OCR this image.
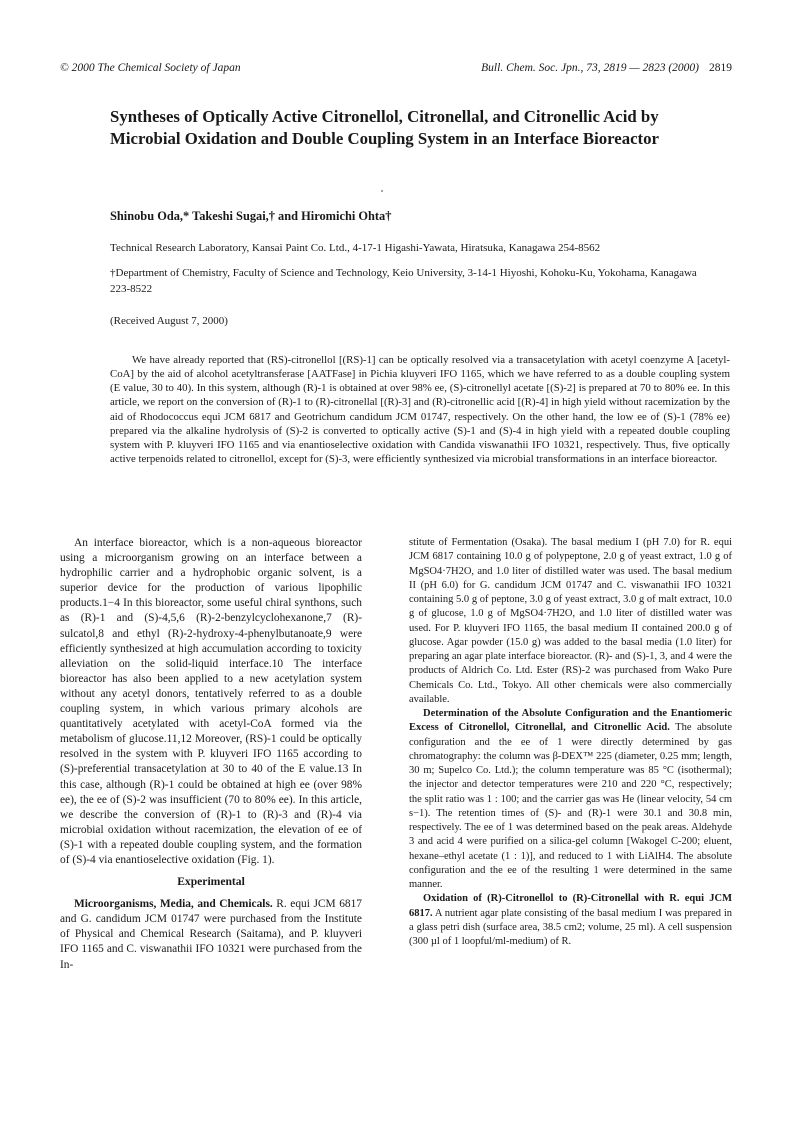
© 2000 The Chemical Society of Japan	Bull. Chem. Soc. Jpn., 73, 2819 — 2823 (2000) 2819
Syntheses of Optically Active Citronellol, Citronellal, and Citronellic Acid by Microbial Oxidation and Double Coupling System in an Interface Bioreactor
Shinobu Oda,* Takeshi Sugai,† and Hiromichi Ohta†
Technical Research Laboratory, Kansai Paint Co. Ltd., 4-17-1 Higashi-Yawata, Hiratsuka, Kanagawa 254-8562
†Department of Chemistry, Faculty of Science and Technology, Keio University, 3-14-1 Hiyoshi, Kohoku-Ku, Yokohama, Kanagawa 223-8522
(Received August 7, 2000)
We have already reported that (RS)-citronellol [(RS)-1] can be optically resolved via a transacetylation with acetyl coenzyme A [acetyl-CoA] by the aid of alcohol acetyltransferase [AATFase] in Pichia kluyveri IFO 1165, which we have referred to as a double coupling system (E value, 30 to 40). In this system, although (R)-1 is obtained at over 98% ee, (S)-citronellyl acetate [(S)-2] is prepared at 70 to 80% ee. In this article, we report on the conversion of (R)-1 to (R)-citronellal [(R)-3] and (R)-citronellic acid [(R)-4] in high yield without racemization by the aid of Rhodococcus equi JCM 6817 and Geotrichum candidum JCM 01747, respectively. On the other hand, the low ee of (S)-1 (78% ee) prepared via the alkaline hydrolysis of (S)-2 is converted to optically active (S)-1 and (S)-4 in high yield with a repeated double coupling system with P. kluyveri IFO 1165 and via enantioselective oxidation with Candida viswanathii IFO 10321, respectively. Thus, five optically active terpenoids related to citronellol, except for (S)-3, were efficiently synthesized via microbial transformations in an interface bioreactor.

An interface bioreactor, which is a non-aqueous bioreactor using a microorganism growing on an interface between a hydrophilic carrier and a hydrophobic organic solvent, is a superior device for the production of various lipophilic products.1−4 In this bioreactor, some useful chiral synthons, such as (R)-1 and (S)-4,5,6 (R)-2-benzylcyclohexanone,7 (R)-sulcatol,8 and ethyl (R)-2-hydroxy-4-phenylbutanoate,9 were efficiently synthesized at high accumulation according to toxicity alleviation on the solid-liquid interface.10 The interface bioreactor has also been applied to a new acetylation system without any acetyl donors, tentatively referred to as a double coupling system, in which various primary alcohols are quantitatively acetylated with acetyl-CoA formed via the metabolism of glucose.11,12 Moreover, (RS)-1 could be optically resolved in the system with P. kluyveri IFO 1165 according to (S)-preferential transacetylation at 30 to 40 of the E value.13 In this case, although (R)-1 could be obtained at high ee (over 98% ee), the ee of (S)-2 was insufficient (70 to 80% ee). In this article, we describe the conversion of (R)-1 to (R)-3 and (R)-4 via microbial oxidation without racemization, the elevation of ee of (S)-1 with a repeated double coupling system, and the formation of (S)-4 via enantioselective oxidation (Fig. 1).

Experimental

Microorganisms, Media, and Chemicals. R. equi JCM 6817 and G. candidum JCM 01747 were purchased from the Institute of Physical and Chemical Research (Saitama), and P. kluyveri IFO 1165 and C. viswanathii IFO 10321 were purchased from the In-

stitute of Fermentation (Osaka). The basal medium I (pH 7.0) for R. equi JCM 6817 containing 10.0 g of polypeptone, 2.0 g of yeast extract, 1.0 g of MgSO4·7H2O, and 1.0 liter of distilled water was used. The basal medium II (pH 6.0) for G. candidum JCM 01747 and C. viswanathii IFO 10321 containing 5.0 g of peptone, 3.0 g of yeast extract, 3.0 g of malt extract, 10.0 g of glucose, 1.0 g of MgSO4·7H2O, and 1.0 liter of distilled water was used. For P. kluyveri IFO 1165, the basal medium II contained 200.0 g of glucose. Agar powder (15.0 g) was added to the basal media (1.0 liter) for preparing an agar plate interface bioreactor. (R)- and (S)-1, 3, and 4 were the products of Aldrich Co. Ltd. Ester (RS)-2 was purchased from Wako Pure Chemicals Co. Ltd., Tokyo. All other chemicals were also commercially available.

Determination of the Absolute Configuration and the Enantiomeric Excess of Citronellol, Citronellal, and Citronellic Acid. The absolute configuration and the ee of 1 were directly determined by gas chromatography: the column was β-DEX™ 225 (diameter, 0.25 mm; length, 30 m; Supelco Co. Ltd.); the column temperature was 85 °C (isothermal); the injector and detector temperatures were 210 and 220 °C, respectively; the split ratio was 1 : 100; and the carrier gas was He (linear velocity, 54 cm s−1). The retention times of (S)- and (R)-1 were 30.1 and 30.8 min, respectively. The ee of 1 was determined based on the peak areas. Aldehyde 3 and acid 4 were purified on a silica-gel column [Wakogel C-200; eluent, hexane–ethyl acetate (1 : 1)], and reduced to 1 with LiAlH4. The absolute configuration and the ee of the resulting 1 were determined in the same manner.

Oxidation of (R)-Citronellol to (R)-Citronellal with R. equi JCM 6817. A nutrient agar plate consisting of the basal medium I was prepared in a glass petri dish (surface area, 38.5 cm2; volume, 25 ml). A cell suspension (300 µl of 1 loopful/ml-medium) of R.
